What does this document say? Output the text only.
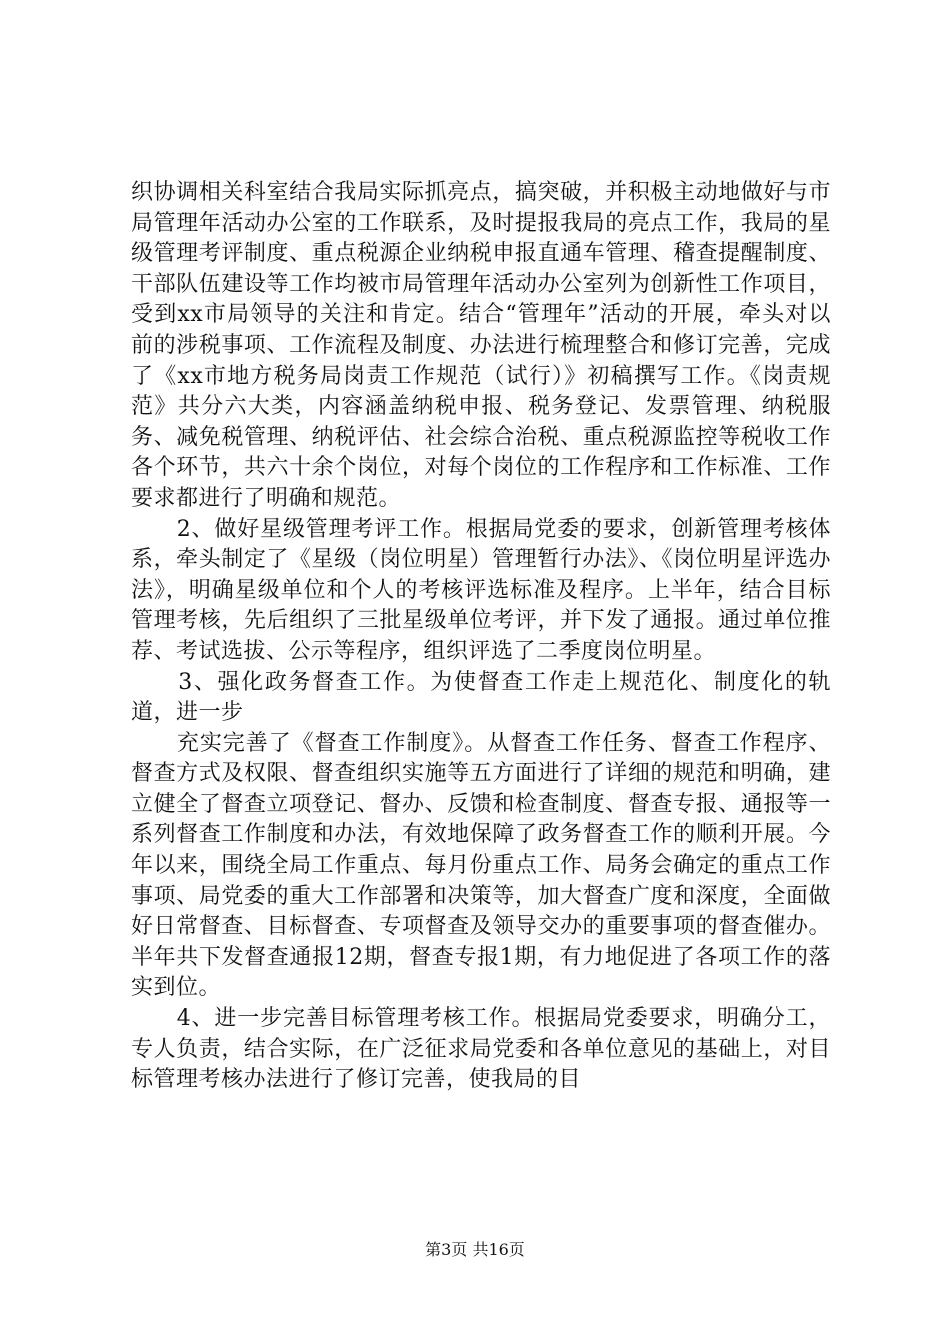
织协调相关科室结合我局实际抓亮点，搞突破，并积极主动地做好与市局管理年活动办公室的工作联系，及时提报我局的亮点工作，我局的星级管理考评制度、重点税源企业纳税申报直通车管理、稽查提醒制度、干部队伍建设等工作均被市局管理年活动办公室列为创新性工作项目，受到xx市局领导的关注和肯定。结合“管理年”活动的开展，牵头对以前的涉税事项、工作流程及制度、办法进行梳理整合和修订完善，完成了《xx市地方税务局岗责工作规范（试行）》初稿撰写工作。《岗责规范》共分六大类，内容涵盖纳税申报、税务登记、发票管理、纳税服务、减免税管理、纳税评估、社会综合治税、重点税源监控等税收工作各个环节，共六十余个岗位，对每个岗位的工作程序和工作标准、工作要求都进行了明确和规范。

　　2、做好星级管理考评工作。根据局党委的要求，创新管理考核体系，牵头制定了《星级（岗位明星）管理暂行办法》、《岗位明星评选办法》，明确星级单位和个人的考核评选标准及程序。上半年，结合目标管理考核，先后组织了三批星级单位考评，并下发了通报。通过单位推荐、考试选拔、公示等程序，组织评选了二季度岗位明星。

　　3、强化政务督查工作。为使督查工作走上规范化、制度化的轨道，进一步

　　充实完善了《督查工作制度》。从督查工作任务、督查工作程序、督查方式及权限、督查组织实施等五方面进行了详细的规范和明确，建立健全了督查立项登记、督办、反馈和检查制度、督查专报、通报等一系列督查工作制度和办法，有效地保障了政务督查工作的顺利开展。今年以来，围绕全局工作重点、每月份重点工作、局务会确定的重点工作事项、局党委的重大工作部署和决策等，加大督查广度和深度，全面做好日常督查、目标督查、专项督查及领导交办的重要事项的督查催办。半年共下发督查通报12期，督查专报1期，有力地促进了各项工作的落实到位。

　　4、进一步完善目标管理考核工作。根据局党委要求，明确分工，专人负责，结合实际，在广泛征求局党委和各单位意见的基础上，对目标管理考核办法进行了修订完善，使我局的目

第3页 共16页
